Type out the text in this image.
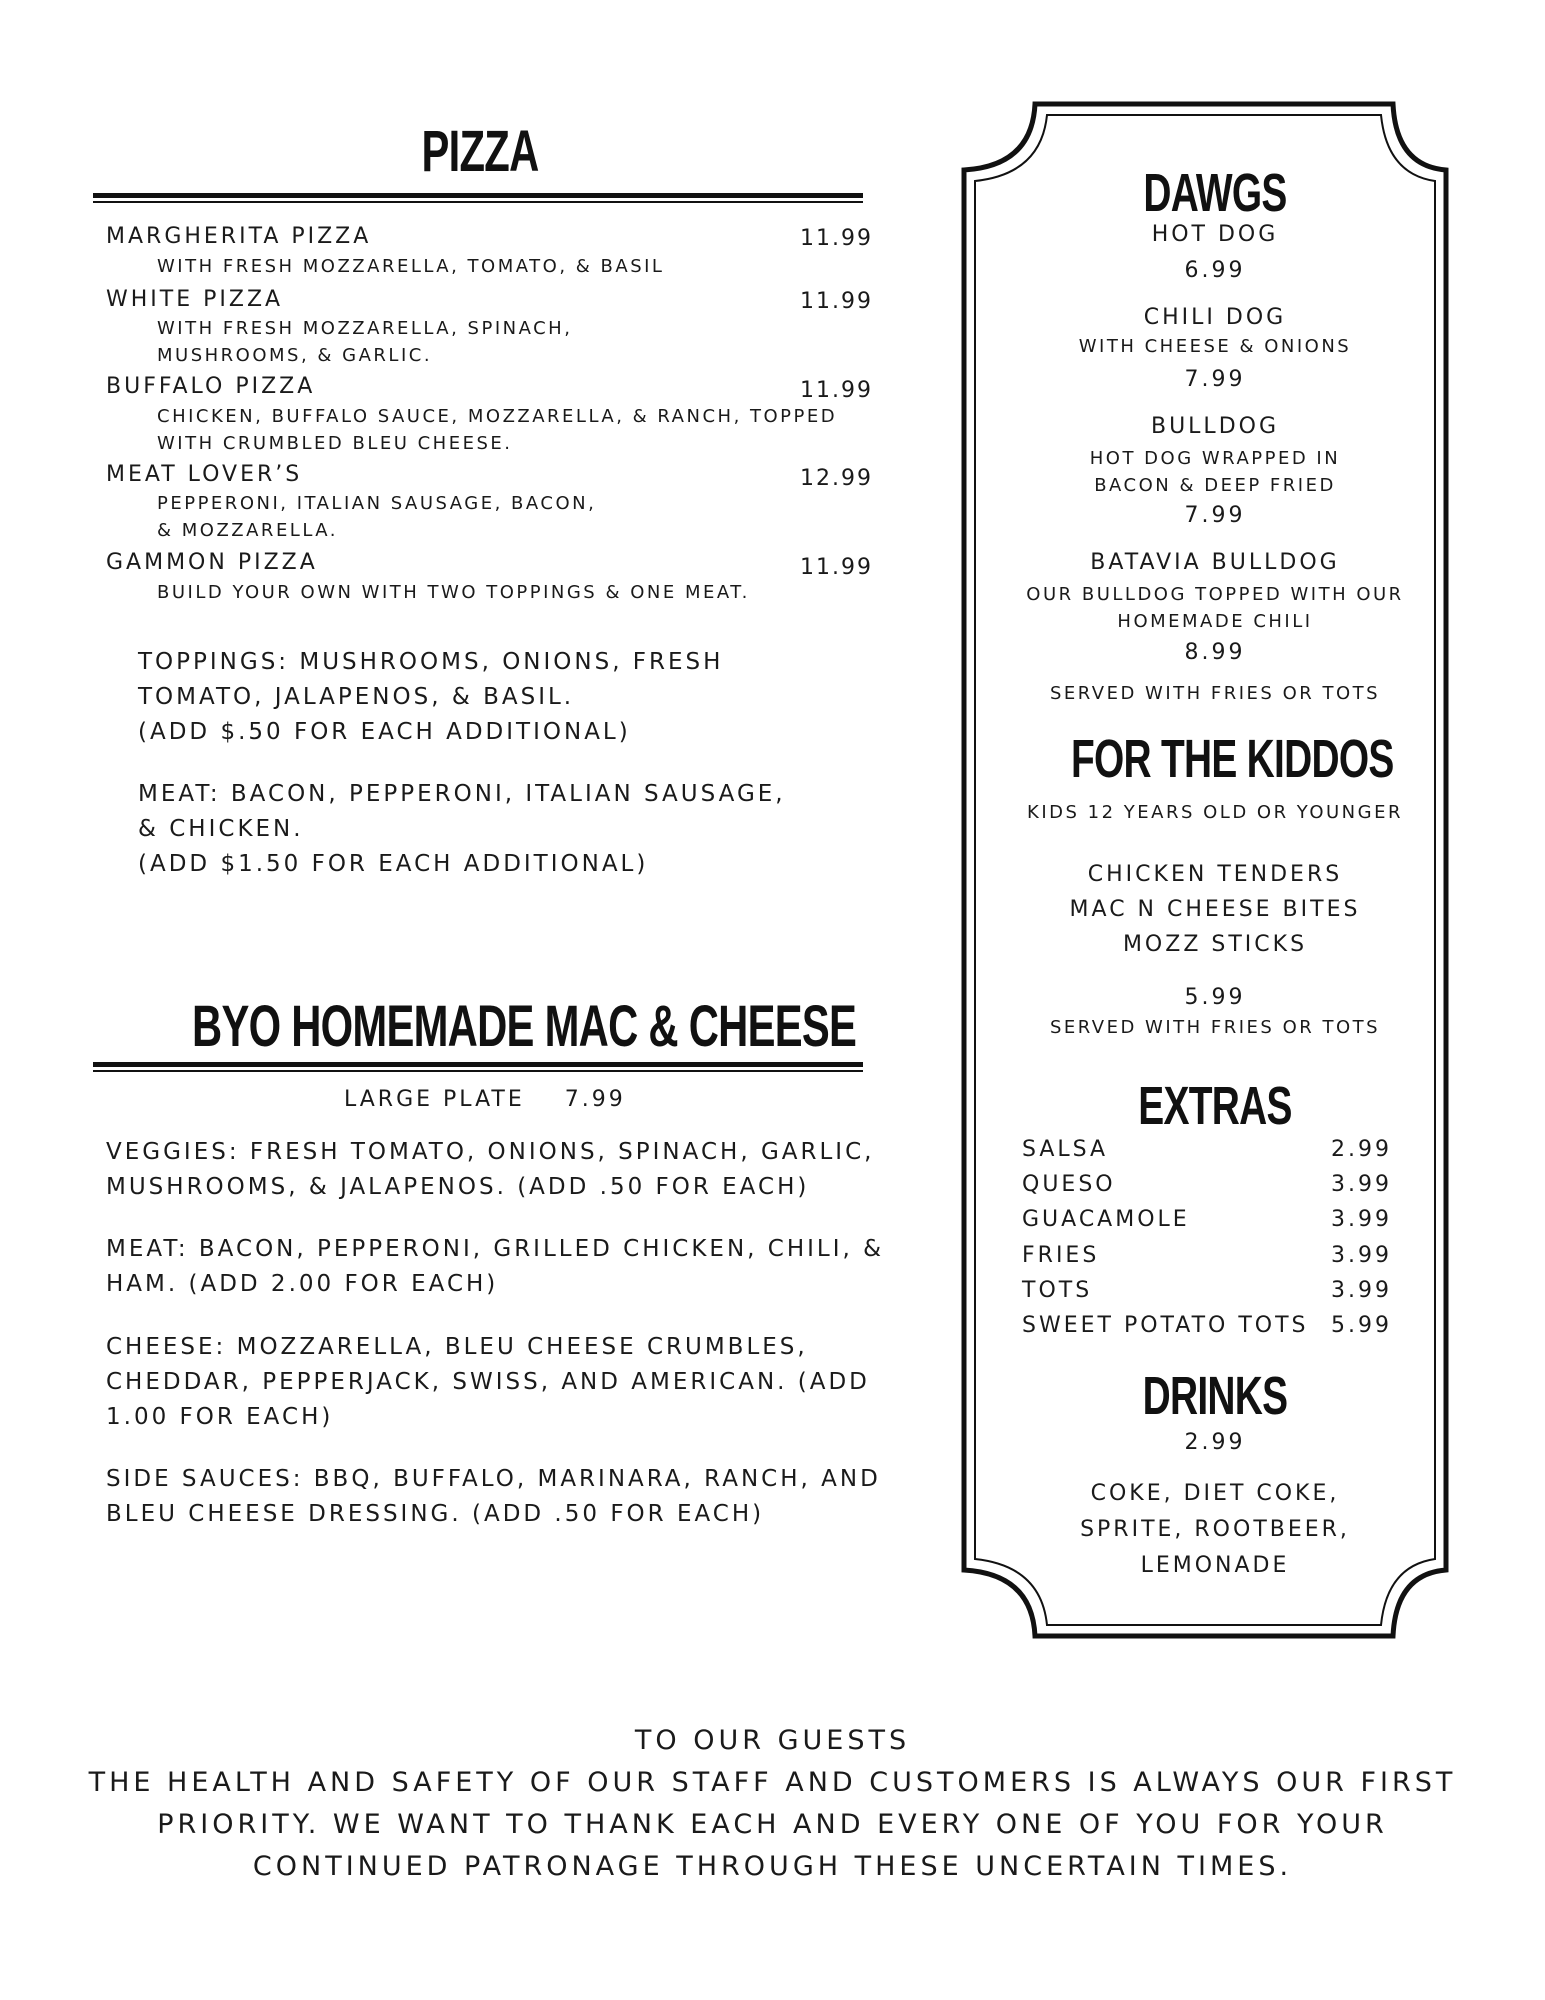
PIZZA
MARGHERITA PIZZA	11.99
WITH FRESH MOZZARELLA, TOMATO, & BASIL
WHITE PIZZA	11.99
WITH FRESH MOZZARELLA, SPINACH,
MUSHROOMS, & GARLIC.
BUFFALO PIZZA	11.99
CHICKEN, BUFFALO SAUCE, MOZZARELLA, & RANCH, TOPPED
WITH CRUMBLED BLEU CHEESE.
MEAT LOVER’S	12.99
PEPPERONI, ITALIAN SAUSAGE, BACON,
& MOZZARELLA.
GAMMON PIZZA	11.99
BUILD YOUR OWN WITH TWO TOPPINGS & ONE MEAT.
TOPPINGS: MUSHROOMS, ONIONS, FRESH
TOMATO, JALAPENOS, & BASIL.
(ADD $.50 FOR EACH ADDITIONAL)
MEAT: BACON, PEPPERONI, ITALIAN SAUSAGE,
& CHICKEN.
(ADD $1.50 FOR EACH ADDITIONAL)
BYO HOMEMADE MAC & CHEESE
LARGE PLATE    7.99
VEGGIES: FRESH TOMATO, ONIONS, SPINACH, GARLIC,
MUSHROOMS, & JALAPENOS. (ADD .50 FOR EACH)
MEAT: BACON, PEPPERONI, GRILLED CHICKEN, CHILI, &
HAM. (ADD 2.00 FOR EACH)
CHEESE: MOZZARELLA, BLEU CHEESE CRUMBLES,
CHEDDAR, PEPPERJACK, SWISS, AND AMERICAN. (ADD
1.00 FOR EACH)
SIDE SAUCES: BBQ, BUFFALO, MARINARA, RANCH, AND
BLEU CHEESE DRESSING. (ADD .50 FOR EACH)
DAWGS
HOT DOG
6.99
CHILI DOG
WITH CHEESE & ONIONS
7.99
BULLDOG
HOT DOG WRAPPED IN
BACON & DEEP FRIED
7.99
BATAVIA BULLDOG
OUR BULLDOG TOPPED WITH OUR
HOMEMADE CHILI
8.99
SERVED WITH FRIES OR TOTS
FOR THE KIDDOS
KIDS 12 YEARS OLD OR YOUNGER
CHICKEN TENDERS
MAC N CHEESE BITES
MOZZ STICKS
5.99
SERVED WITH FRIES OR TOTS
EXTRAS
SALSA	2.99
QUESO	3.99
GUACAMOLE	3.99
FRIES	3.99
TOTS	3.99
SWEET POTATO TOTS 5.99
DRINKS
2.99
COKE, DIET COKE,
SPRITE, ROOTBEER,
LEMONADE
TO OUR GUESTS
THE HEALTH AND SAFETY OF OUR STAFF AND CUSTOMERS IS ALWAYS OUR FIRST
PRIORITY. WE WANT TO THANK EACH AND EVERY ONE OF YOU FOR YOUR
CONTINUED PATRONAGE THROUGH THESE UNCERTAIN TIMES.
